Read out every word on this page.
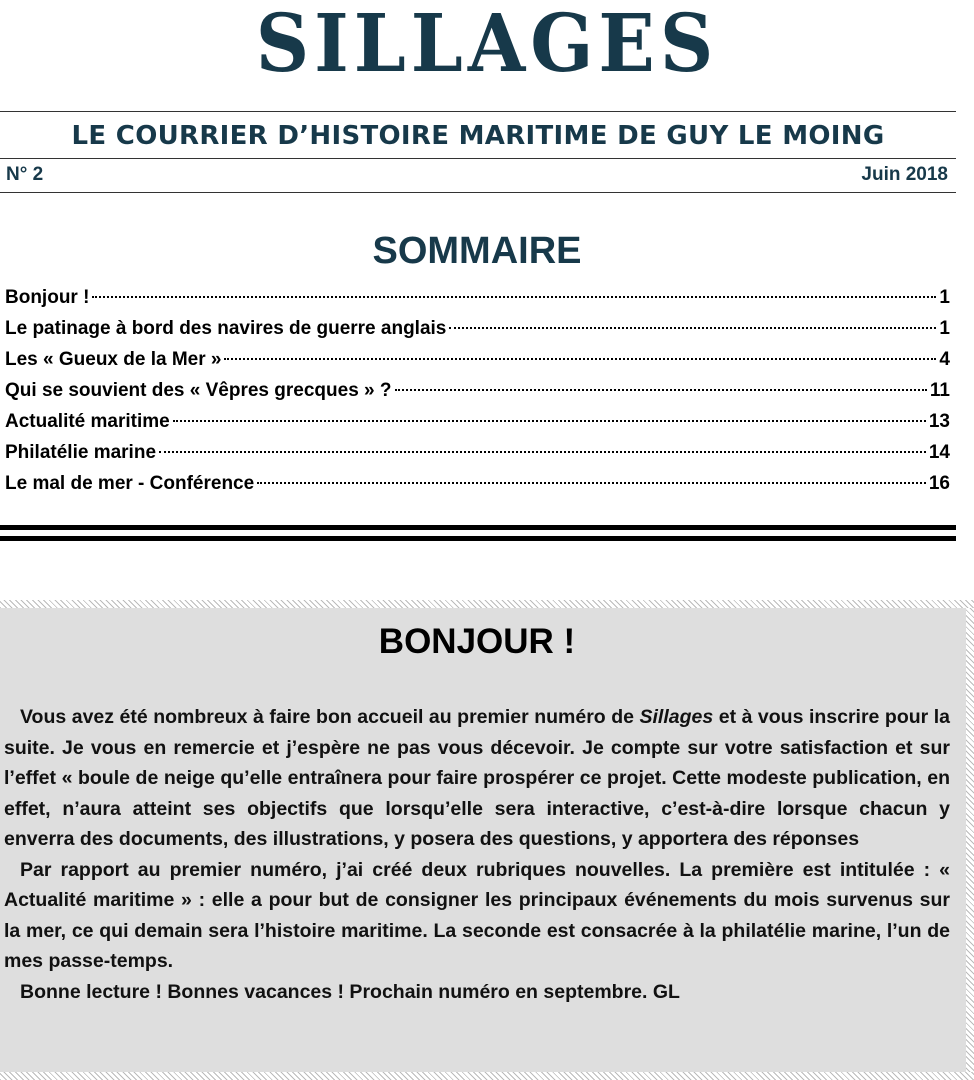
SILLAGES
LE COURRIER D’HISTOIRE MARITIME DE GUY LE MOING
N° 2	Juin 2018
SOMMAIRE
Bonjour !	1
Le patinage à bord des navires de guerre anglais	1
Les « Gueux de la Mer »	4
Qui se souvient des « Vêpres grecques » ?	11
Actualité maritime	13
Philatélie marine	14
Le mal de mer - Conférence	16
BONJOUR !

Vous avez été nombreux à faire bon accueil au premier numéro de Sillages et à vous inscrire pour la suite. Je vous en remercie et j’espère ne pas vous décevoir. Je compte sur votre satisfaction et sur l’effet « boule de neige qu’elle entraînera pour faire prospérer ce projet. Cette modeste publication, en effet, n’aura atteint ses objectifs que lorsqu’elle sera interactive, c’est-à-dire lorsque chacun y enverra des documents, des illustrations, y posera des questions, y apportera des réponses

Par rapport au premier numéro, j’ai créé deux rubriques nouvelles. La première est intitulée : « Actualité maritime » : elle a pour but de consigner les principaux événements du mois survenus sur la mer, ce qui demain sera l’histoire maritime. La seconde est consacrée à la philatélie marine, l’un de mes passe-temps.

Bonne lecture ! Bonnes vacances ! Prochain numéro en septembre. GL
